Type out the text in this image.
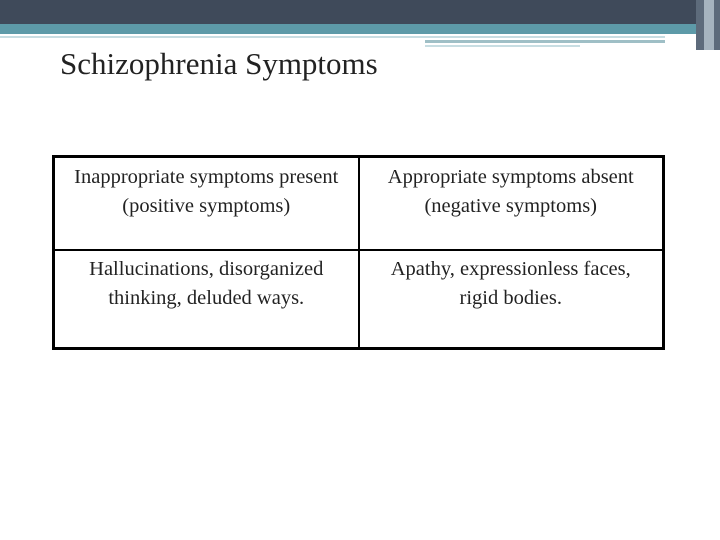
Schizophrenia Symptoms
Inappropriate symptoms present (positive symptoms)	Appropriate symptoms absent (negative symptoms)
Hallucinations, disorganized thinking, deluded ways.	Apathy, expressionless faces, rigid bodies.
